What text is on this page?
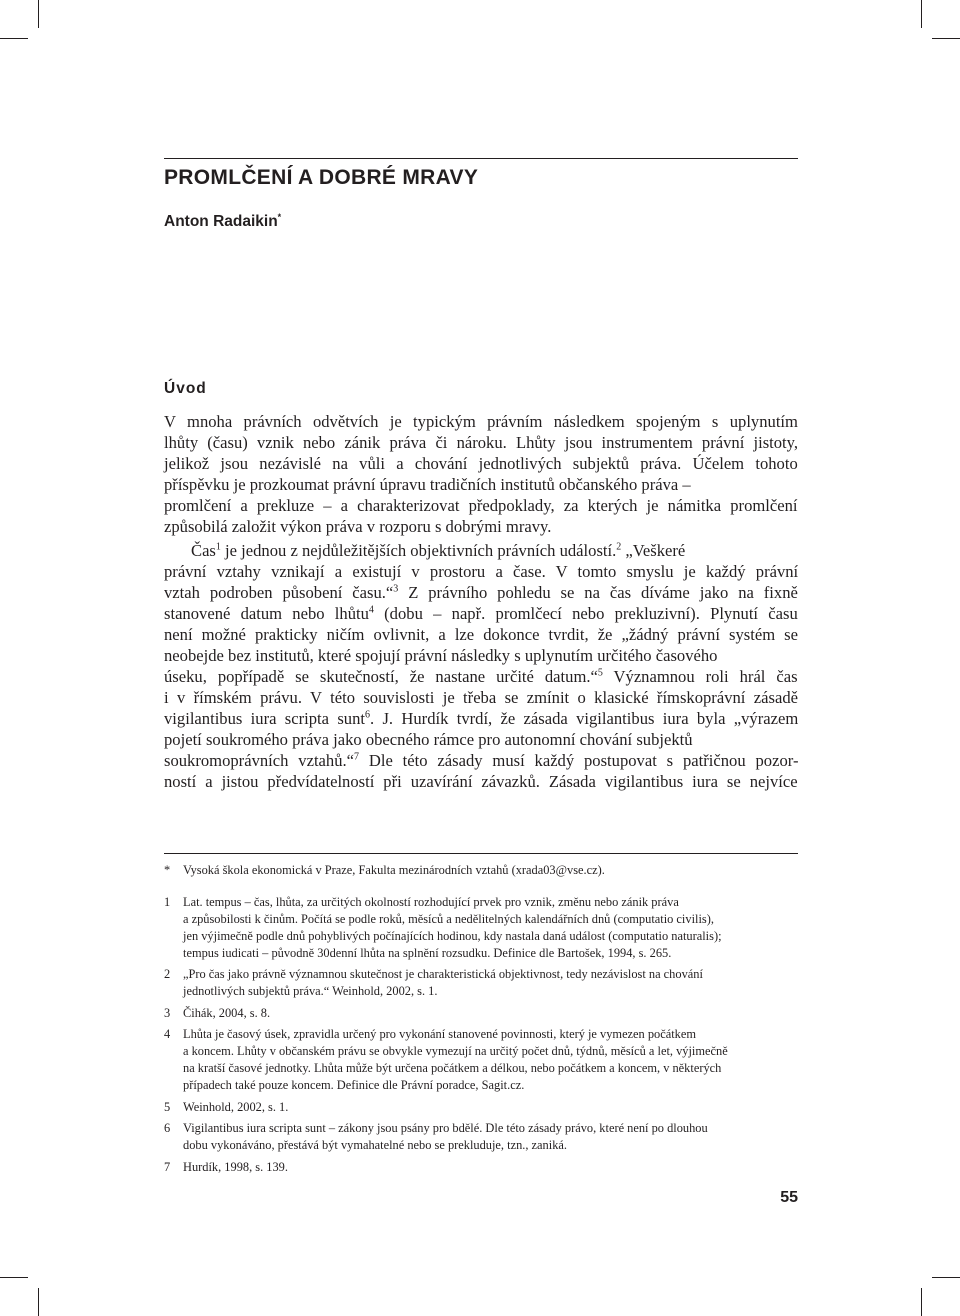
PROMLČENÍ A DOBRÉ MRAVY

Anton Radaikin*

Úvod

V mnoha právních odvětvích je typickým právním následkem spojeným s uplynutím
lhůty (času) vznik nebo zánik práva či nároku. Lhůty jsou instrumentem právní jistoty,
jelikož jsou nezávislé na vůli a chování jednotlivých subjektů práva. Účelem tohoto
příspěvku je prozkoumat právní úpravu tradičních institutů občanského práva –
promlčení a prekluze – a charakterizovat předpoklady, za kterých je námitka promlčení
způsobilá založit výkon práva v rozporu s dobrými mravy.

Čas$^1$ je jednou z nejdůležitějších objektivních právních událostí.$^2$ „Veškeré
právní vztahy vznikají a existují v prostoru a čase. V tomto smyslu je každý právní
vztah podroben působení času.“$^3$ Z právního pohledu se na čas díváme jako na fixně
stanovené datum nebo lhůtu$^4$ (dobu – např. promlčecí nebo prekluzivní). Plynutí času
není možné prakticky ničím ovlivnit, a lze dokonce tvrdit, že „žádný právní systém se
neobejde bez institutů, které spojují právní následky s uplynutím určitého časového
úseku, popřípadě se skutečností, že nastane určité datum.“$^5$ Významnou roli hrál čas
i v římském právu. V této souvislosti je třeba se zmínit o klasické římskoprávní zásadě
vigilantibus iura scripta sunt$^6$. J. Hurdík tvrdí, že zásada vigilantibus iura byla „výrazem
pojetí soukromého práva jako obecného rámce pro autonomní chování subjektů
soukromoprávních vztahů.“$^7$ Dle této zásady musí každý postupovat s patřičnou pozor-
ností a jistou předvídatelností při uzavírání závazků. Zásada vigilantibus iura se nejvíce

* Vysoká škola ekonomická v Praze, Fakulta mezinárodních vztahů (xrada03@vse.cz).
1 Lat. tempus – čas, lhůta, za určitých okolností rozhodující prvek pro vznik, změnu nebo zánik práva
a způsobilosti k činům. Počítá se podle roků, měsíců a nedělitelných kalendářních dnů (computatio civilis),
jen výjimečně podle dnů pohyblivých počínajících hodinou, kdy nastala daná událost (computatio naturalis);
tempus iudicati – původně 30denní lhůta na splnění rozsudku. Definice dle Bartošek, 1994, s. 265.
2 „Pro čas jako právně významnou skutečnost je charakteristická objektivnost, tedy nezávislost na chování
jednotlivých subjektů práva.“ Weinhold, 2002, s. 1.
3 Čihák, 2004, s. 8.
4 Lhůta je časový úsek, zpravidla určený pro vykonání stanovené povinnosti, který je vymezen počátkem
a koncem. Lhůty v občanském právu se obvykle vymezují na určitý počet dnů, týdnů, měsíců a let, výjimečně
na kratší časové jednotky. Lhůta může být určena počátkem a délkou, nebo počátkem a koncem, v některých
případech také pouze koncem. Definice dle Právní poradce, Sagit.cz.
5 Weinhold, 2002, s. 1.
6 Vigilantibus iura scripta sunt – zákony jsou psány pro bdělé. Dle této zásady právo, které není po dlouhou
dobu vykonáváno, přestává být vymahatelné nebo se prekluduje, tzn., zaniká.
7 Hurdík, 1998, s. 139.

55
